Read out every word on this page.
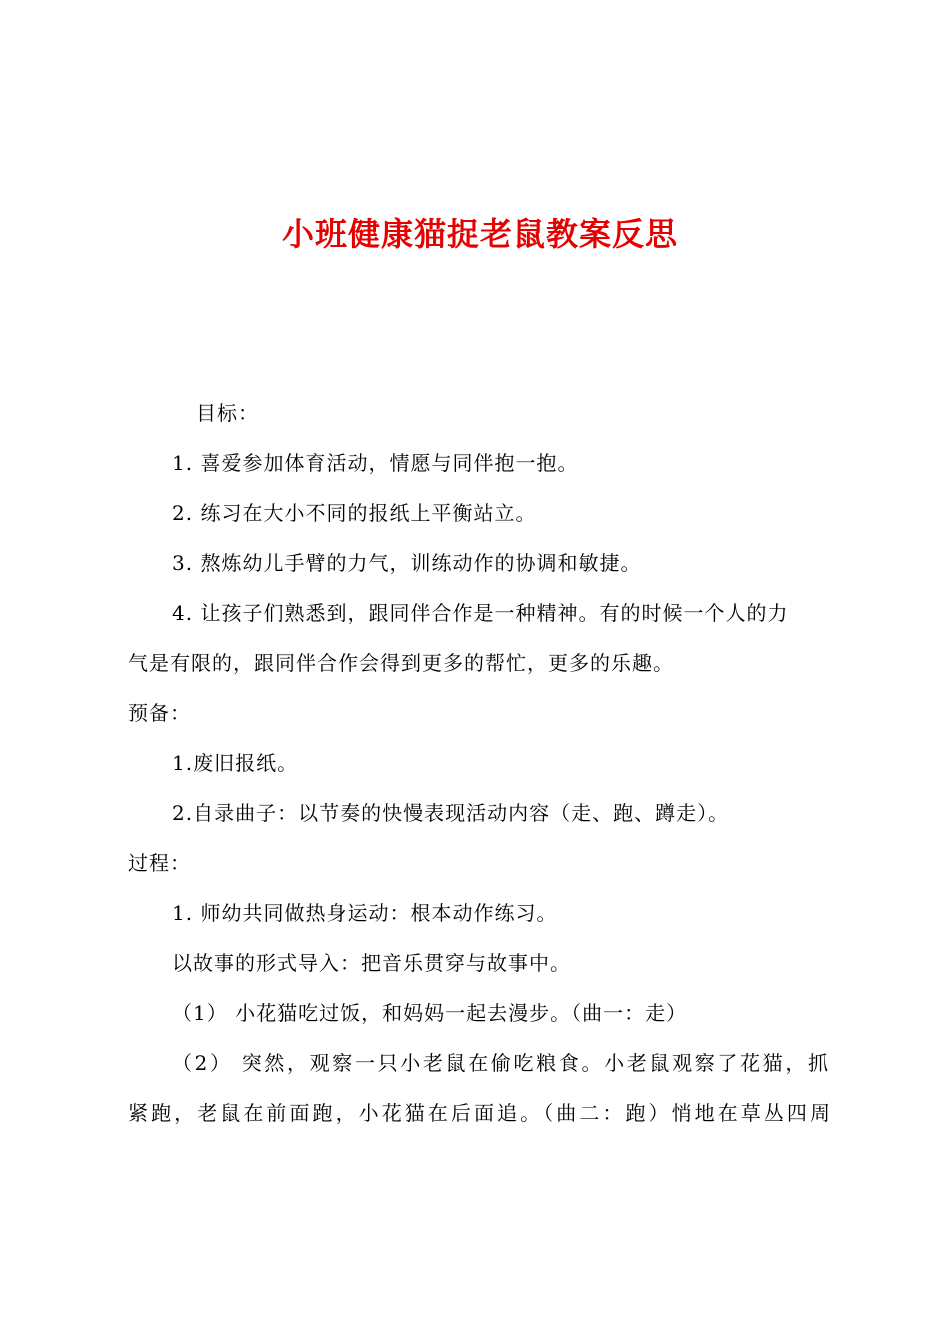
小班健康猫捉老鼠教案反思
目标：
1. 喜爱参加体育活动，情愿与同伴抱一抱。
2. 练习在大小不同的报纸上平衡站立。
3. 熬炼幼儿手臂的力气，训练动作的协调和敏捷。
4. 让孩子们熟悉到，跟同伴合作是一种精神。有的时候一个人的力
气是有限的，跟同伴合作会得到更多的帮忙，更多的乐趣。
预备：
1.废旧报纸。
2.自录曲子：以节奏的快慢表现活动内容（走、跑、蹲走）。
过程：
1. 师幼共同做热身运动：根本动作练习。
以故事的形式导入：把音乐贯穿与故事中。
（1） 小花猫吃过饭，和妈妈一起去漫步。（曲一：走）
（2） 突然，观察一只小老鼠在偷吃粮食。小老鼠观察了花猫，抓
紧跑，老鼠在前面跑，小花猫在后面追。（曲二：跑）悄地在草丛四周
